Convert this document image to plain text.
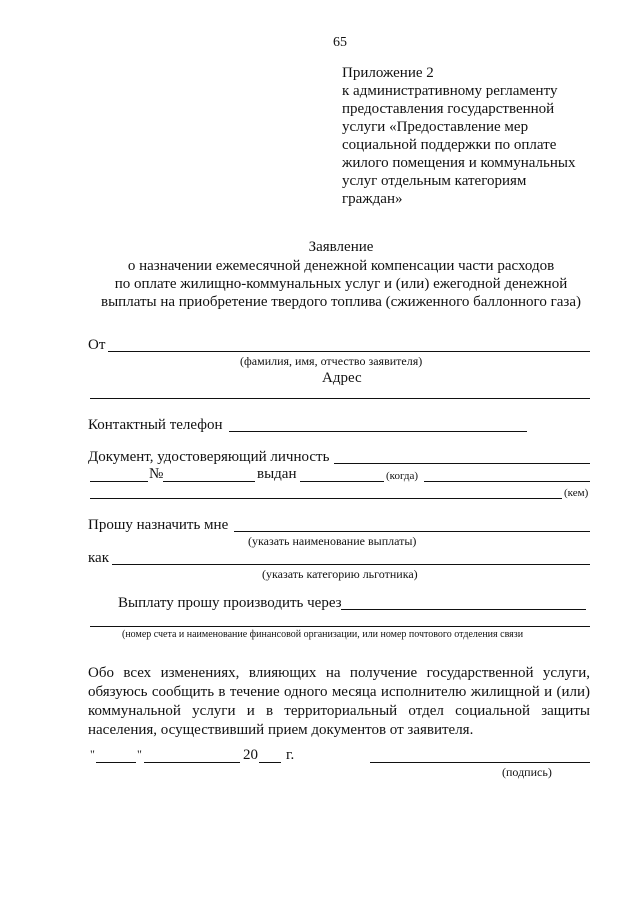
65
Приложение 2
к административному регламенту
предоставления государственной
услуги «Предоставление мер
социальной поддержки по оплате
жилого помещения и коммунальных
услуг отдельным категориям
граждан»
Заявление
о назначении ежемесячной денежной компенсации части расходов
по оплате жилищно-коммунальных услуг и (или) ежегодной денежной
выплаты на приобретение твердого топлива (сжиженного баллонного газа)
От
(фамилия, имя, отчество заявителя)
Адрес
Контактный телефон
Документ, удостоверяющий личность
№	выдан	(когда)
(кем)
Прошу назначить мне
(указать наименование выплаты)
как
(указать категорию льготника)
Выплату прошу производить через
(номер счета и наименование финансовой организации, или номер почтового отделения связи
Обо всех изменениях, влияющих на получение государственной услуги,
обязуюсь сообщить в течение одного месяца исполнителю жилищной и (или)
коммунальной услуги и в территориальный отдел социальной защиты
населения, осуществивший прием документов от заявителя.
"	"	20 г.
(подпись)
